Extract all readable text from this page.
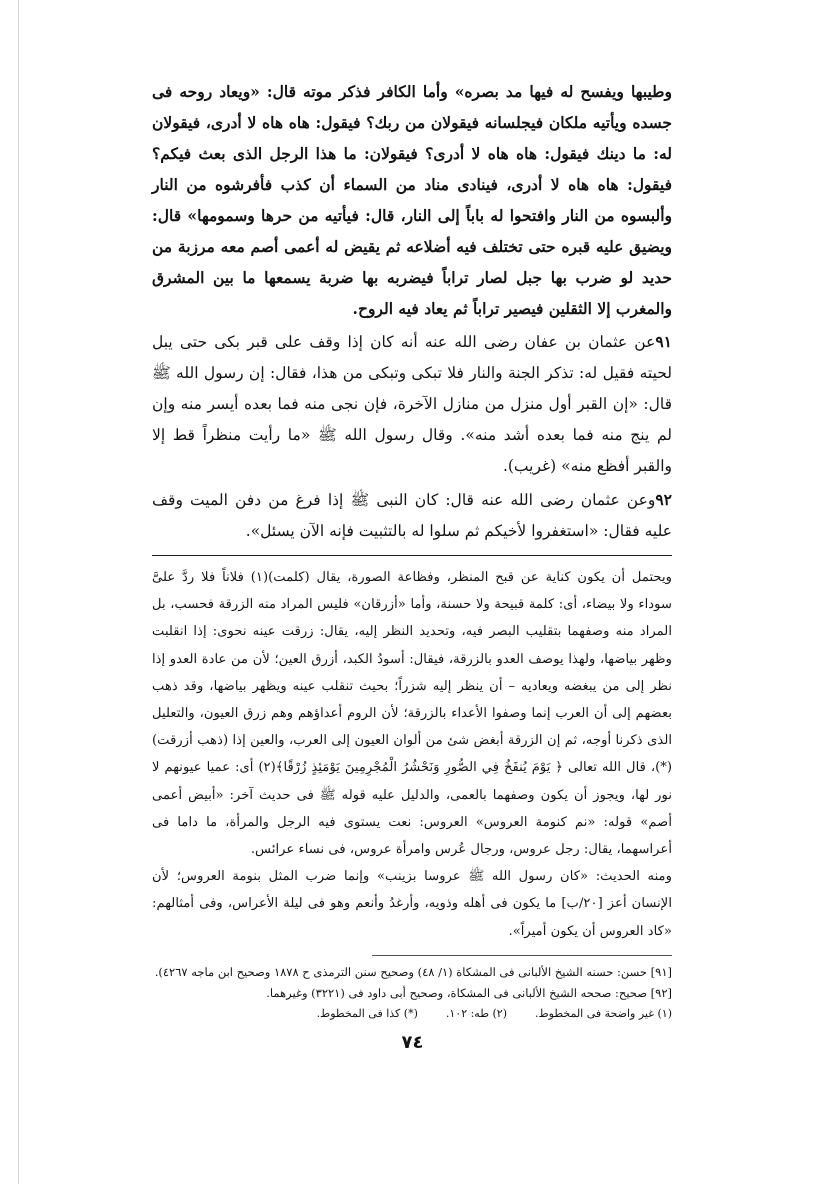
وطيبها ويفسح له فيها مد بصره» وأما الكافر فذكر موته قال: «ويعاد روحه فى جسده ويأتيه ملكان فيجلسانه فيقولان من ربك؟ فيقول: هاه هاه لا أدرى، فيقولان له: ما دينك فيقول: هاه هاه لا أدرى؟ فيقولان: ما هذا الرجل الذى بعث فيكم؟ فيقول: هاه هاه لا أدرى، فينادى مناد من السماء أن كذب فأفرشوه من النار وألبسوه من النار وافتحوا له باباً إلى النار، قال: فيأتيه من حرها وسمومها» قال: ويضيق عليه قبره حتى تختلف فيه أضلاعه ثم يقيض له أعمى أصم معه مرزبة من حديد لو ضرب بها جبل لصار تراباً فيضربه بها ضربة يسمعها ما بين المشرق والمغرب إلا الثقلين فيصير تراباً ثم يعاد فيه الروح.

٩١عن عثمان بن عفان رضى الله عنه أنه كان إذا وقف على قبر بكى حتى يبل لحيته فقيل له: تذكر الجنة والنار فلا تبكى وتبكى من هذا، فقال: إن رسول الله ﷺ قال: «إن القبر أول منزل من منازل الآخرة، فإن نجى منه فما بعده أيسر منه وإن لم ينج منه فما بعده أشد منه». وقال رسول الله ﷺ «ما رأيت منظراً قط إلا والقبر أفظع منه» (غريب).

٩٢وعن عثمان رضى الله عنه قال: كان النبى ﷺ إذا فرغ من دفن الميت وقف عليه فقال: «استغفروا لأخيكم ثم سلوا له بالتثبيت فإنه الآن يسئل».

ويحتمل أن يكون كناية عن قبح المنظر، وفظاعة الصورة، يقال (كلمت)(١) فلاناً فلا ردَّ علىَّ سوداء ولا بيضاء، أى: كلمة قبيحة ولا حسنة، وأما «أزرقان» فليس المراد منه الزرقة فحسب، بل المراد منه وصفهما بتقليب البصر فيه، وتحديد النظر إليه، يقال: زرقت عينه نحوى: إذا انقلبت وظهر بياضها، ولهذا يوصف العدو بالزرقة، فيقال: أسودُ الكبد، أزرق العين؛ لأن من عادة العدو إذا نظر إلى من يبغضه ويعاديه – أن ينظر إليه شزراً؛ بحيث تنقلب عينه ويظهر بياضها، وقد ذهب بعضهم إلى أن العرب إنما وصفوا الأعداء بالزرقة؛ لأن الروم أعداؤهم وهم زرق العيون، والتعليل الذى ذكرنا أوجه، ثم إن الزرقة أبغض شئ من ألوان العيون إلى العرب، والعين إذا (ذهب أزرقت)(*)، قال الله تعالى ﴿ يَوْمَ يُنفَخُ فِي الصُّورِ وَنَحْشُرُ الْمُجْرِمِينَ يَوْمَئِذٍ زُرْقًا﴾(٢) أى: عميا عيونهم لا نور لها، ويجوز أن يكون وصفهما بالعمى، والدليل عليه قوله ﷺ فى حديث آخر: «أبيض أعمى أصم» قوله: «نم كنومة العروس» العروس: نعت يستوى فيه الرجل والمرأة، ما داما فى أعراسهما، يقال: رجل عروس، ورجال عُرس وامرأة عروس، فى نساء عرائس.

ومنه الحديث: «كان رسول الله ﷺ عروسا بزينب» وإنما ضرب المثل بنومة العروس؛ لأن الإنسان أعز [٢٠/ب] ما يكون فى أهله وذويه، وأرغدُ وأنعم وهو فى ليلة الأعراس، وفى أمثالهم: «كاد العروس أن يكون أميراً».

[٩١] حسن: حسنه الشيخ الألبانى فى المشكاة (١/ ٤٨) وصحيح سنن الترمذى ح ١٨٧٨ وصحيح ابن ماجه ٤٢٦٧).

[٩٢] صحيح: صححه الشيخ الألبانى فى المشكاة، وصحيح أبى داود فى (٣٢٢١) وغيرهما.

(١) غير واضحة فى المخطوط.
(٢) طه: ١٠٢.
(*) كذا فى المخطوط.
٧٤
